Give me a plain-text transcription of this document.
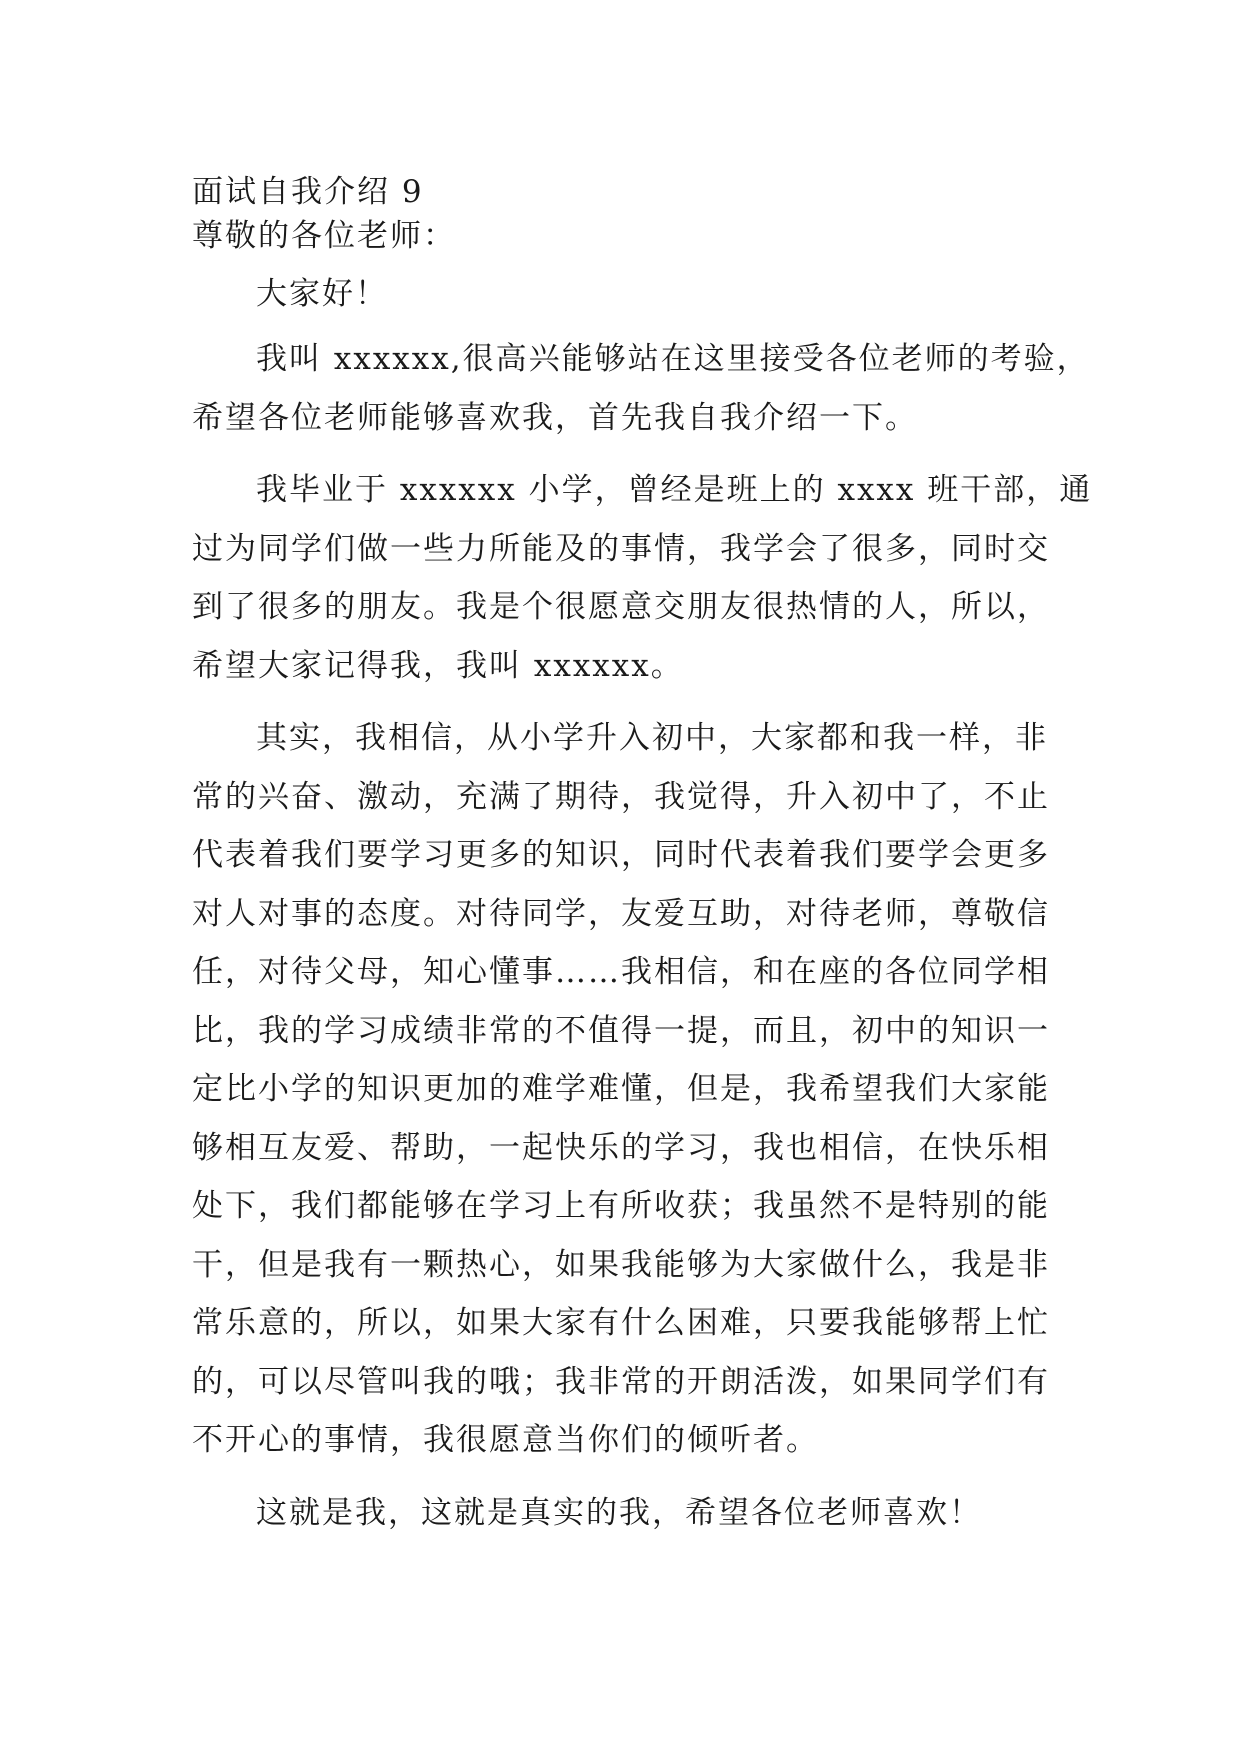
面试自我介绍 9

尊敬的各位老师：

大家好！

我叫 xxxxxx,很高兴能够站在这里接受各位老师的考验，
希望各位老师能够喜欢我，首先我自我介绍一下。
我毕业于 xxxxxx 小学，曾经是班上的 xxxx 班干部，通
过为同学们做一些力所能及的事情，我学会了很多，同时交
到了很多的朋友。我是个很愿意交朋友很热情的人，所以，
希望大家记得我，我叫 xxxxxx。
其实，我相信，从小学升入初中，大家都和我一样，非
常的兴奋、激动，充满了期待，我觉得，升入初中了，不止
代表着我们要学习更多的知识，同时代表着我们要学会更多
对人对事的态度。对待同学，友爱互助，对待老师，尊敬信
任，对待父母，知心懂事……我相信，和在座的各位同学相
比，我的学习成绩非常的不值得一提，而且，初中的知识一
定比小学的知识更加的难学难懂，但是，我希望我们大家能
够相互友爱、帮助，一起快乐的学习，我也相信，在快乐相
处下，我们都能够在学习上有所收获；我虽然不是特别的能
干，但是我有一颗热心，如果我能够为大家做什么，我是非
常乐意的，所以，如果大家有什么困难，只要我能够帮上忙
的，可以尽管叫我的哦；我非常的开朗活泼，如果同学们有
不开心的事情，我很愿意当你们的倾听者。
这就是我，这就是真实的我，希望各位老师喜欢！
